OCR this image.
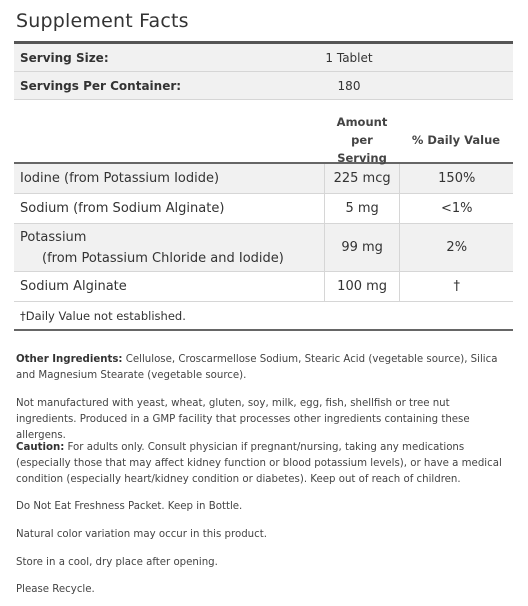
Supplement Facts
Serving Size:	1 Tablet
Servings Per Container:	180
Amount per
Serving
% Daily Value
Iodine (from Potassium Iodide)	225 mcg	150%
Sodium (from Sodium Alginate)	5 mg	<1%
Potassium
(from Potassium Chloride and Iodide)
99 mg	2%
Sodium Alginate	100 mg	†
†Daily Value not established.

Other Ingredients: Cellulose, Croscarmellose Sodium, Stearic Acid (vegetable source), Silica and Magnesium Stearate (vegetable source).

Not manufactured with yeast, wheat, gluten, soy, milk, egg, fish, shellfish or tree nut ingredients. Produced in a GMP facility that processes other ingredients containing these allergens.

Caution: For adults only. Consult physician if pregnant/nursing, taking any medications (especially those that may affect kidney function or blood potassium levels), or have a medical condition (especially heart/kidney condition or diabetes). Keep out of reach of children.

Do Not Eat Freshness Packet. Keep in Bottle.

Natural color variation may occur in this product.

Store in a cool, dry place after opening.

Please Recycle.
